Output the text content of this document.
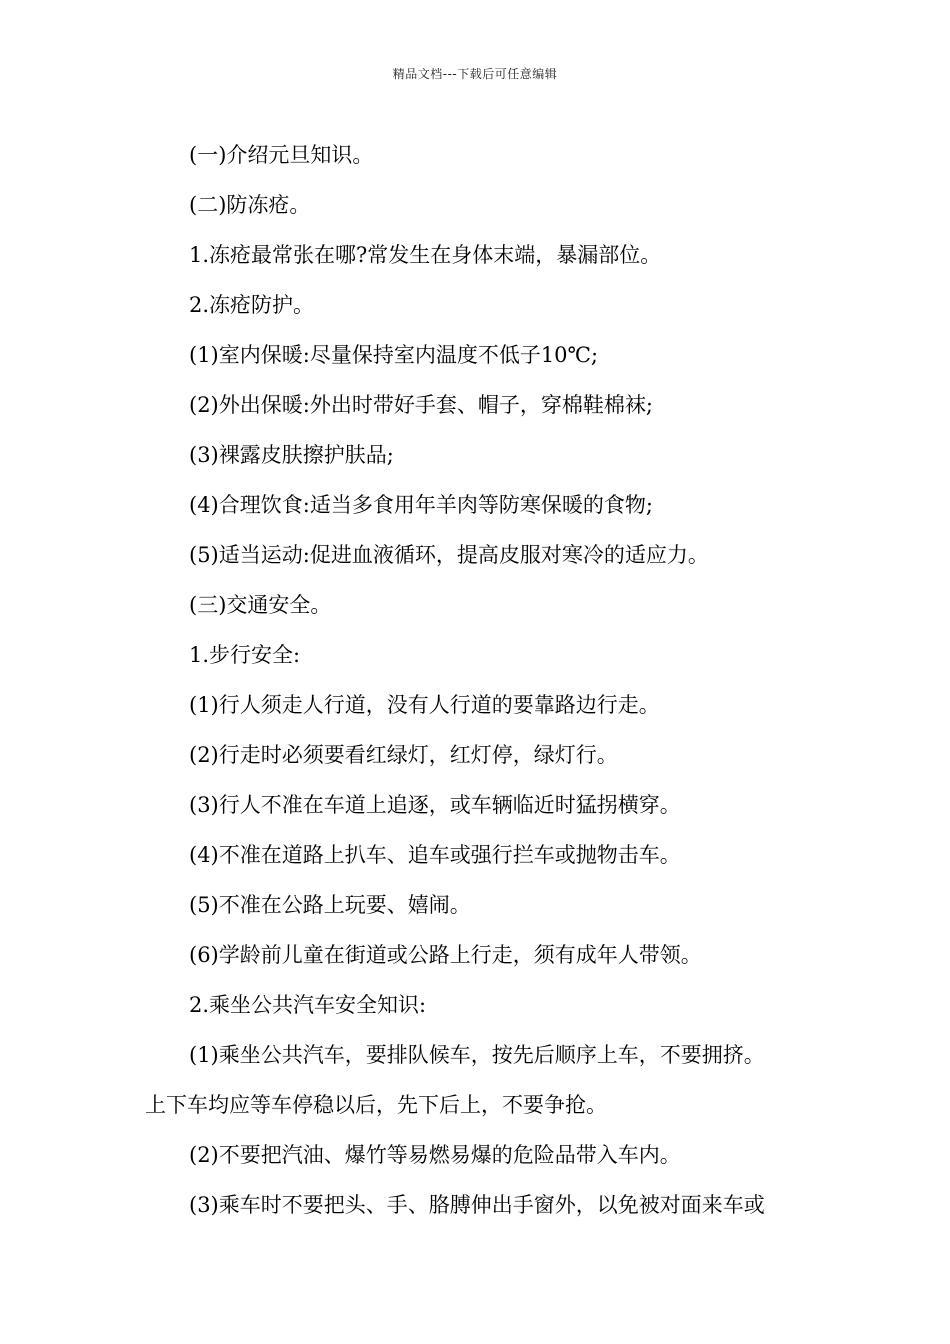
精品文档---下载后可任意编辑

(一)介绍元旦知识。

(二)防冻疮。

1.冻疮最常张在哪?常发生在身体末端，暴漏部位。

2.冻疮防护。

(1)室内保暖:尽量保持室内温度不低子10℃;

(2)外出保暖:外出时带好手套、帽子，穿棉鞋棉袜;

(3)裸露皮肤擦护肤品;

(4)合理饮食:适当多食用年羊肉等防寒保暖的食物;

(5)适当运动:促进血液循环，提高皮服对寒冷的适应力。

(三)交通安全。

1.步行安全:

(1)行人须走人行道，没有人行道的要靠路边行走。

(2)行走时必须要看红绿灯，红灯停，绿灯行。

(3)行人不准在车道上追逐，或车辆临近时猛拐横穿。

(4)不准在道路上扒车、追车或强行拦车或抛物击车。

(5)不准在公路上玩要、嬉闹。

(6)学龄前儿童在街道或公路上行走，须有成年人带领。

2.乘坐公共汽车安全知识:

(1)乘坐公共汽车，要排队候车，按先后顺序上车，不要拥挤。

上下车均应等车停稳以后，先下后上，不要争抢。

(2)不要把汽油、爆竹等易燃易爆的危险品带入车内。

(3)乘车时不要把头、手、胳膊伸出手窗外，以免被对面来车或
